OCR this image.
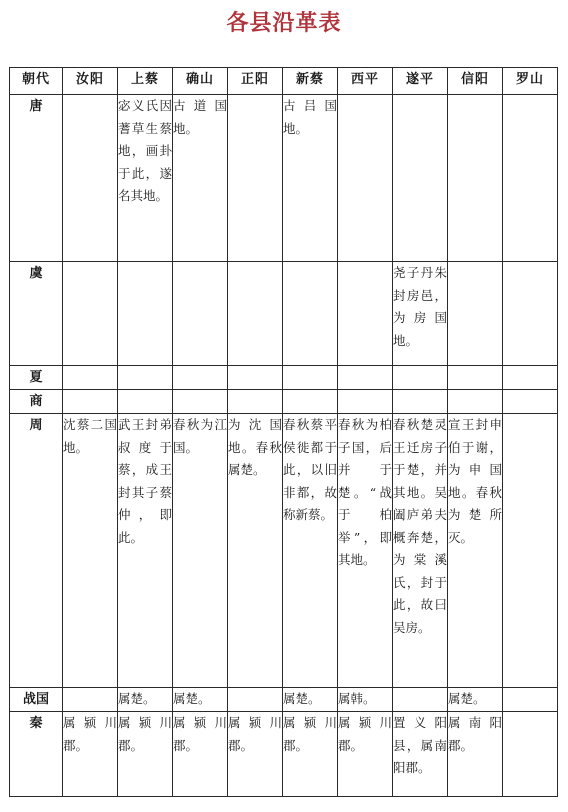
各县沿革表
朝代	汝阳	上蔡	确山	正阳	新蔡	西平	遂平	信阳	罗山
唐		宓义氏因蓍草生蔡地，画卦于此，遂名其地。	古道国地。		古吕国地。				

虞							尧子丹朱封房邑，为房国地。		

夏	

商	

周	沈蔡二国地。	武王封弟叔度于蔡，成王封其子蔡仲，即此。	春秋为江国。	为沈国地。春秋属楚。	春秋蔡平侯徙都于此，以旧非都，故称新蔡。	春秋为柏子国，后并于楚。“战于柏举”，即其地。	春秋楚灵王迁房子于楚，并其地。吴阖庐弟夫概奔楚，为棠溪氏，封于此，故曰吴房。	宣王封申伯于谢，为申国地。春秋为楚所灭。	

战国		属楚。	属楚。		属楚。	属韩。		属楚。	

秦	属颍川郡。	属颍川郡。	属颍川郡。	属颍川郡。	属颍川郡。	属颍川郡。	置义阳县，属南阳郡。	属南阳郡。	
